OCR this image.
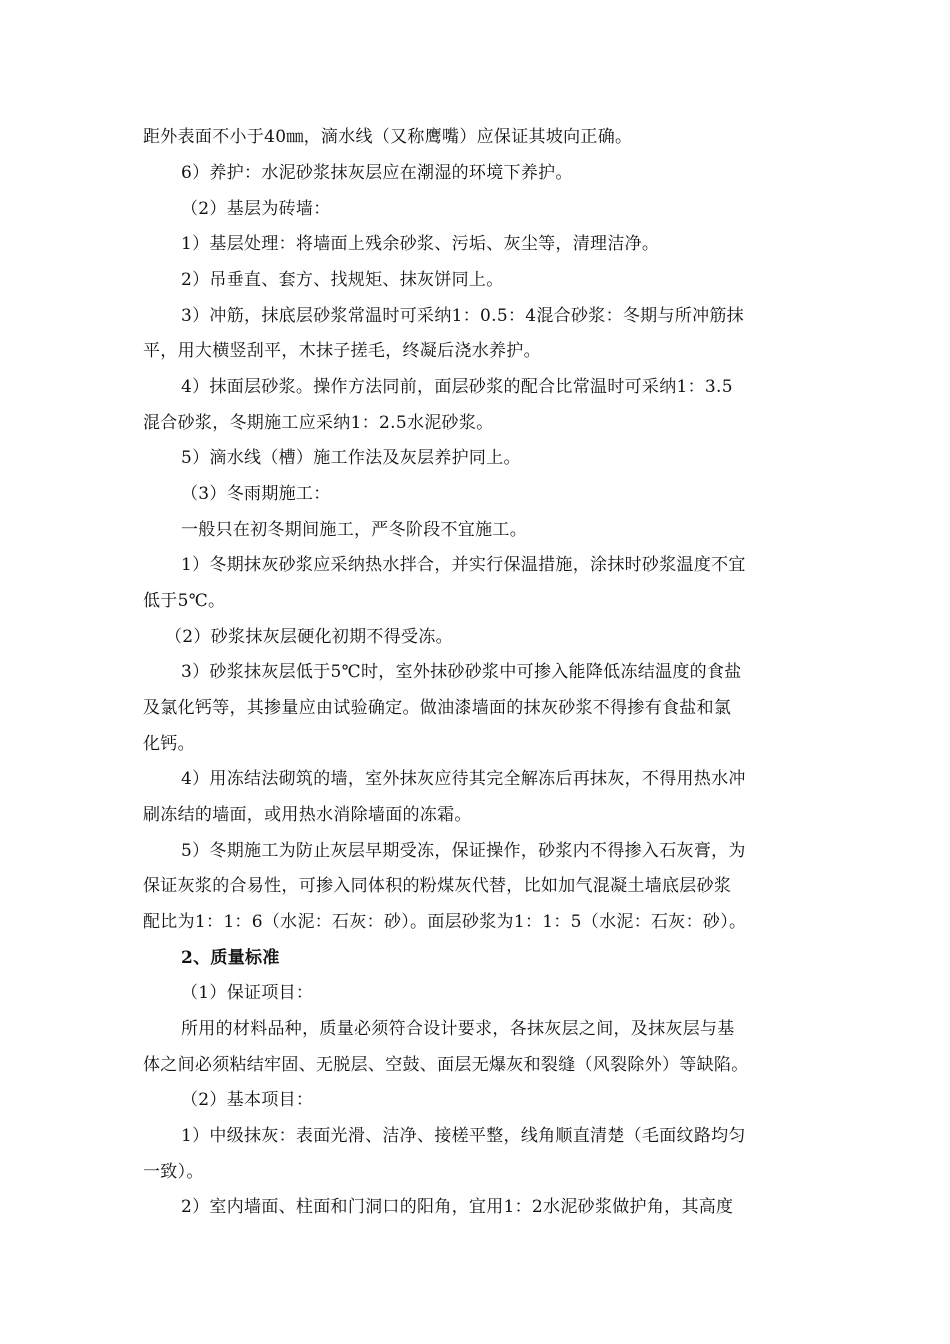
距外表面不小于40㎜，滴水线（又称鹰嘴）应保证其坡向正确。
6）养护：水泥砂浆抹灰层应在潮湿的环境下养护。
（2）基层为砖墙：
1）基层处理：将墙面上残余砂浆、污垢、灰尘等，清理洁净。
2）吊垂直、套方、找规矩、抹灰饼同上。
3）冲筋，抹底层砂浆常温时可采纳1：0.5：4混合砂浆：冬期与所冲筋抹
平，用大横竖刮平，木抹子搓毛，终凝后浇水养护。
4）抹面层砂浆。操作方法同前，面层砂浆的配合比常温时可采纳1：3.5
混合砂浆，冬期施工应采纳1：2.5水泥砂浆。
5）滴水线（槽）施工作法及灰层养护同上。
（3）冬雨期施工：
一般只在初冬期间施工，严冬阶段不宜施工。
1）冬期抹灰砂浆应采纳热水拌合，并实行保温措施，涂抹时砂浆温度不宜
低于5℃。
（2）砂浆抹灰层硬化初期不得受冻。
3）砂浆抹灰层低于5℃时，室外抹砂砂浆中可掺入能降低冻结温度的食盐
及氯化钙等，其掺量应由试验确定。做油漆墙面的抹灰砂浆不得掺有食盐和氯
化钙。
4）用冻结法砌筑的墙，室外抹灰应待其完全解冻后再抹灰，不得用热水冲
刷冻结的墙面，或用热水消除墙面的冻霜。
5）冬期施工为防止灰层早期受冻，保证操作，砂浆内不得掺入石灰膏，为
保证灰浆的合易性，可掺入同体积的粉煤灰代替，比如加气混凝土墙底层砂浆
配比为1：1：6（水泥：石灰：砂）。面层砂浆为1：1：5（水泥：石灰：砂）。
2、质量标准
（1）保证项目：
所用的材料品种，质量必须符合设计要求，各抹灰层之间，及抹灰层与基
体之间必须粘结牢固、无脱层、空鼓、面层无爆灰和裂缝（风裂除外）等缺陷。
（2）基本项目：
1）中级抹灰：表面光滑、洁净、接槎平整，线角顺直清楚（毛面纹路均匀
一致）。
2）室内墙面、柱面和门洞口的阳角，宜用1：2水泥砂浆做护角，其高度
